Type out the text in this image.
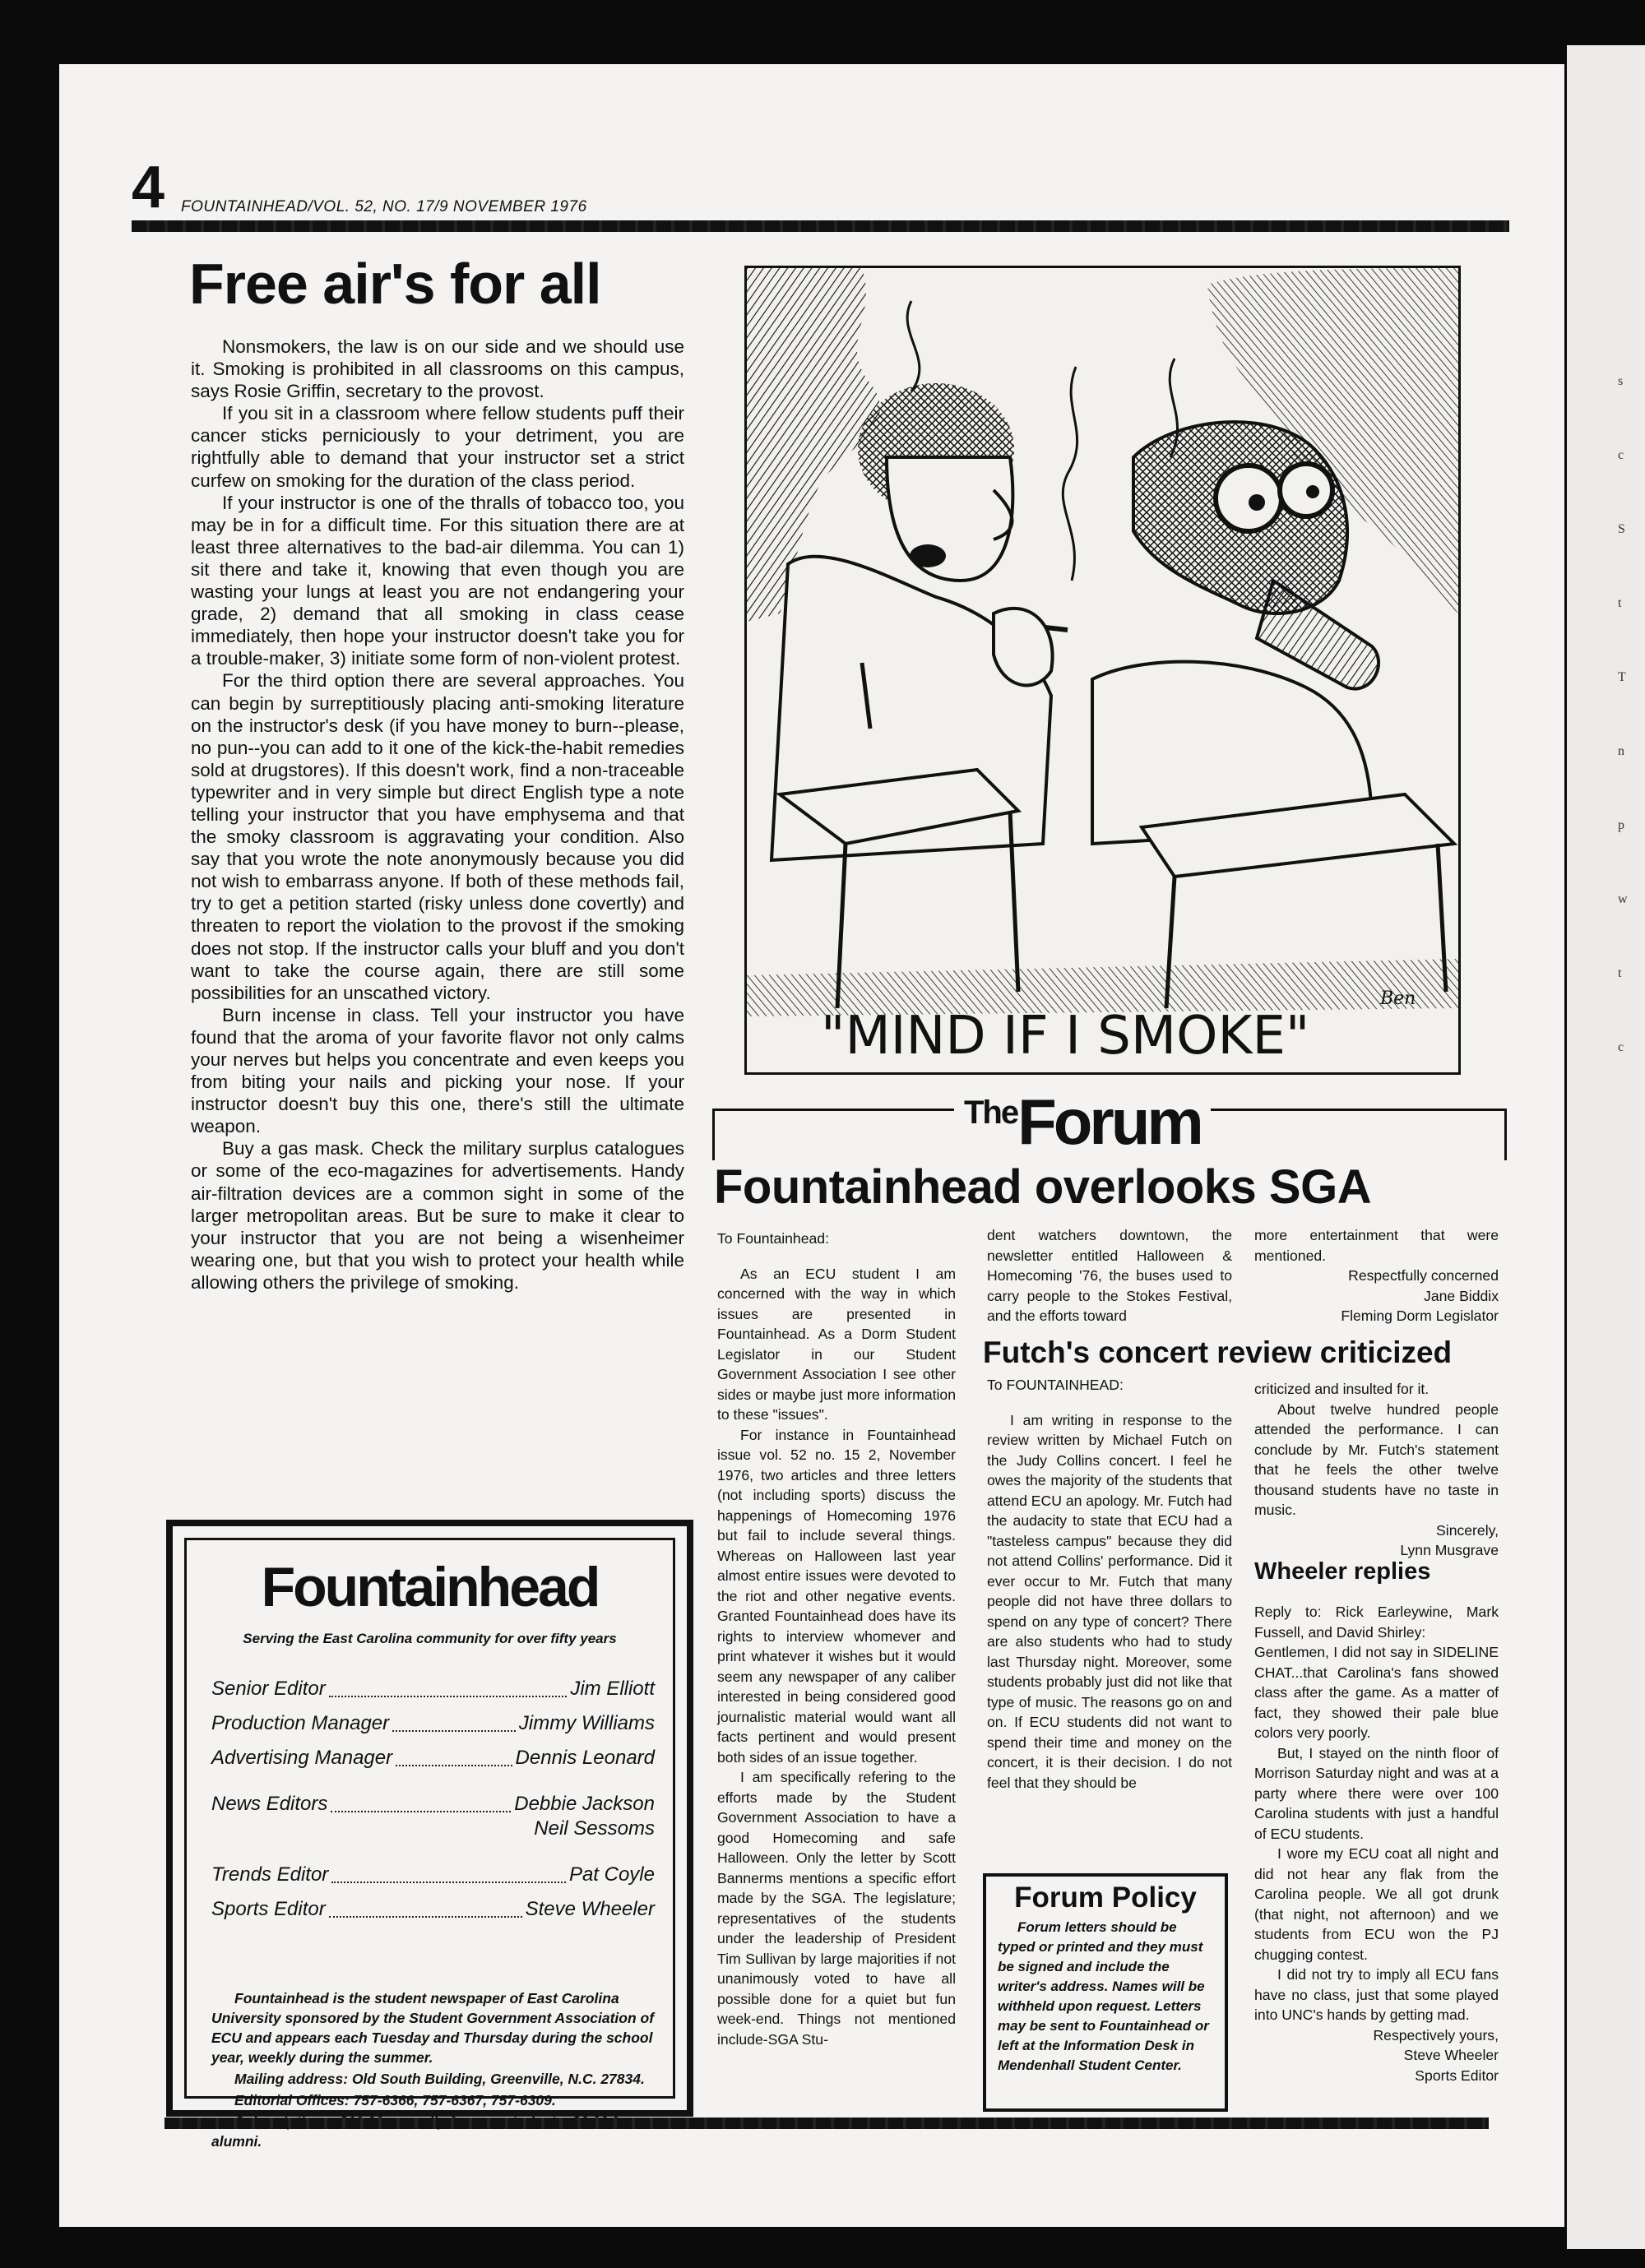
s
c
S
t
T
n
p
w
t
c
4 FOUNTAINHEAD/VOL. 52, NO. 17/9 NOVEMBER 1976
Free air's for all

Nonsmokers, the law is on our side and we should use it. Smoking is prohibited in all classrooms on this campus, says Rosie Griffin, secretary to the provost.

If you sit in a classroom where fellow students puff their cancer sticks perniciously to your detriment, you are rightfully able to demand that your instructor set a strict curfew on smoking for the duration of the class period.

If your instructor is one of the thralls of tobacco too, you may be in for a difficult time. For this situation there are at least three alternatives to the bad-air dilemma. You can 1) sit there and take it, knowing that even though you are wasting your lungs at least you are not endangering your grade, 2) demand that all smoking in class cease immediately, then hope your instructor doesn't take you for a trouble-maker, 3) initiate some form of non-violent protest.

For the third option there are several approaches. You can begin by surreptitiously placing anti-smoking literature on the instructor's desk (if you have money to burn--please, no pun--you can add to it one of the kick-the-habit remedies sold at drugstores). If this doesn't work, find a non-traceable typewriter and in very simple but direct English type a note telling your instructor that you have emphysema and that the smoky classroom is aggravating your condition. Also say that you wrote the note anonymously because you did not wish to embarrass anyone. If both of these methods fail, try to get a petition started (risky unless done covertly) and threaten to report the violation to the provost if the smoking does not stop. If the instructor calls your bluff and you don't want to take the course again, there are still some possibilities for an unscathed victory.

Burn incense in class. Tell your instructor you have found that the aroma of your favorite flavor not only calms your nerves but helps you concentrate and even keeps you from biting your nails and picking your nose. If your instructor doesn't buy this one, there's still the ultimate weapon.

Buy a gas mask. Check the military surplus catalogues or some of the eco-magazines for advertisements. Handy air-filtration devices are a common sight in some of the larger metropolitan areas. But be sure to make it clear to your instructor that you are not being a wisenheimer wearing one, but that you wish to protect your health while allowing others the privilege of smoking.

Fountainhead
Serving the East Carolina community for over fifty years
Senior Editor	Jim Elliott
Production Manager	Jimmy Williams
Advertising Manager	Dennis Leonard
News Editors	Debbie Jackson
Neil Sessoms
Trends Editor	Pat Coyle
Sports Editor	Steve Wheeler

Fountainhead is the student newspaper of East Carolina University sponsored by the Student Government Association of ECU and appears each Tuesday and Thursday during the school year, weekly during the summer.

Mailing address: Old South Building, Greenville, N.C. 27834.

Editorial Offices: 757-6366, 757-6367, 757-6309.

alumni.

"MIND IF I SMOKE"
Ben
$^{The}$Forum
Fountainhead overlooks SGA

To Fountainhead:

As an ECU student I am concerned with the way in which issues are presented in Fountainhead. As a Dorm Student Legislator in our Student Government Association I see other sides or maybe just more information to these "issues".

For instance in Fountainhead issue vol. 52 no. 15 2, November 1976, two articles and three letters (not including sports) discuss the happenings of Homecoming 1976 but fail to include several things. Whereas on Halloween last year almost entire issues were devoted to the riot and other negative events. Granted Fountainhead does have its rights to interview whomever and print whatever it wishes but it would seem any newspaper of any caliber interested in being considered good journalistic material would want all facts pertinent and would present both sides of an issue together.

I am specifically refering to the efforts made by the Student Government Association to have a good Homecoming and safe Halloween. Only the letter by Scott Bannerms mentions a specific effort made by the SGA. The legislature; representatives of the students under the leadership of President Tim Sullivan by large majorities if not unanimously voted to have all possible done for a quiet but fun week-end. Things not mentioned include-SGA Stu-

dent watchers downtown, the newsletter entitled Halloween & Homecoming '76, the buses used to carry people to the Stokes Festival, and the efforts toward

more entertainment that were mentioned.

Respectfully concerned

Jane Biddix

Fleming Dorm Legislator

Futch's concert review criticized

To FOUNTAINHEAD:

I am writing in response to the review written by Michael Futch on the Judy Collins concert. I feel he owes the majority of the students that attend ECU an apology. Mr. Futch had the audacity to state that ECU had a "tasteless campus" because they did not attend Collins' performance. Did it ever occur to Mr. Futch that many people did not have three dollars to spend on any type of concert? There are also students who had to study last Thursday night. Moreover, some students probably just did not like that type of music. The reasons go on and on. If ECU students did not want to spend their time and money on the concert, it is their decision. I do not feel that they should be

criticized and insulted for it.

About twelve hundred people attended the performance. I can conclude by Mr. Futch's statement that he feels the other twelve thousand students have no taste in music.

Sincerely,

Lynn Musgrave

Wheeler replies

Reply to: Rick Earleywine, Mark Fussell, and David Shirley:

Gentlemen, I did not say in SIDELINE CHAT...that Carolina's fans showed class after the game. As a matter of fact, they showed their pale blue colors very poorly.

But, I stayed on the ninth floor of Morrison Saturday night and was at a party where there were over 100 Carolina students with just a handful of ECU students.

I wore my ECU coat all night and did not hear any flak from the Carolina people. We all got drunk (that night, not afternoon) and we students from ECU won the PJ chugging contest.

I did not try to imply all ECU fans have no class, just that some played into UNC's hands by getting mad.

Respectively yours,

Steve Wheeler

Sports Editor

Forum Policy
Forum letters should be typed or printed and they must be signed and include the writer's address. Names will be withheld upon request. Letters may be sent to Fountainhead or left at the Information Desk in Mendenhall Student Center.
